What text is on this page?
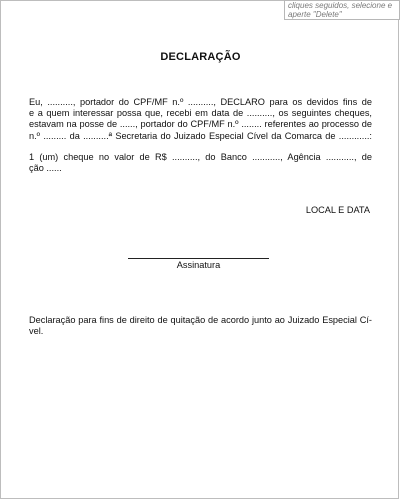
cliques seguidos, selecione e
aperte "Delete"
DECLARAÇÃO

Eu, .........., portador do CPF/MF n.º .........., DECLARO para os devidos fins de
e a quem interessar possa que, recebi em data de .........., os seguintes cheques,
estavam na posse de ......, portador do CPF/MF n.º ........ referentes ao processo de
n.º ......... da ..........ª Secretaria do Juizado Especial Cível da Comarca de ............:

1 (um) cheque no valor de R$ .........., do Banco ..........., Agência ..........., de
ção ......

LOCAL E DATA
Assinatura

Declaração para fins de direito de quitação de acordo junto ao Juizado Especial Cí-
vel.
